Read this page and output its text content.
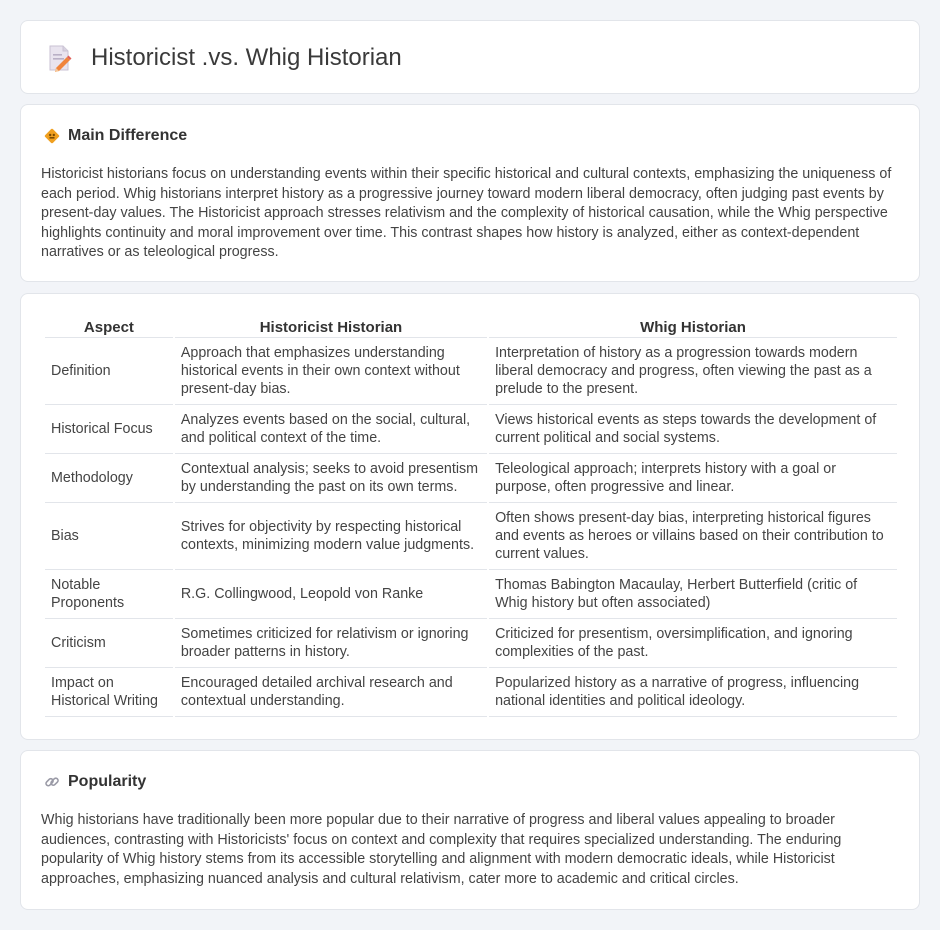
Historicist .vs. Whig Historian
Main Difference

Historicist historians focus on understanding events within their specific historical and cultural contexts, emphasizing the uniqueness of each period. Whig historians interpret history as a progressive journey toward modern liberal democracy, often judging past events by present-day values. The Historicist approach stresses relativism and the complexity of historical causation, while the Whig perspective highlights continuity and moral improvement over time. This contrast shapes how history is analyzed, either as context-dependent narratives or as teleological progress.

Aspect	Historicist Historian	Whig Historian
Definition	Approach that emphasizes understanding historical events in their own context without present-day bias.	Interpretation of history as a progression towards modern liberal democracy and progress, often viewing the past as a prelude to the present.
Historical Focus	Analyzes events based on the social, cultural, and political context of the time.	Views historical events as steps towards the development of current political and social systems.
Methodology	Contextual analysis; seeks to avoid presentism by understanding the past on its own terms.	Teleological approach; interprets history with a goal or purpose, often progressive and linear.
Bias	Strives for objectivity by respecting historical contexts, minimizing modern value judgments.	Often shows present-day bias, interpreting historical figures and events as heroes or villains based on their contribution to current values.
Notable Proponents	R.G. Collingwood, Leopold von Ranke	Thomas Babington Macaulay, Herbert Butterfield (critic of Whig history but often associated)
Criticism	Sometimes criticized for relativism or ignoring broader patterns in history.	Criticized for presentism, oversimplification, and ignoring complexities of the past.
Impact on Historical Writing	Encouraged detailed archival research and contextual understanding.	Popularized history as a narrative of progress, influencing national identities and political ideology.
Popularity

Whig historians have traditionally been more popular due to their narrative of progress and liberal values appealing to broader audiences, contrasting with Historicists' focus on context and complexity that requires specialized understanding. The enduring popularity of Whig history stems from its accessible storytelling and alignment with modern democratic ideals, while Historicist approaches, emphasizing nuanced analysis and cultural relativism, cater more to academic and critical circles.
